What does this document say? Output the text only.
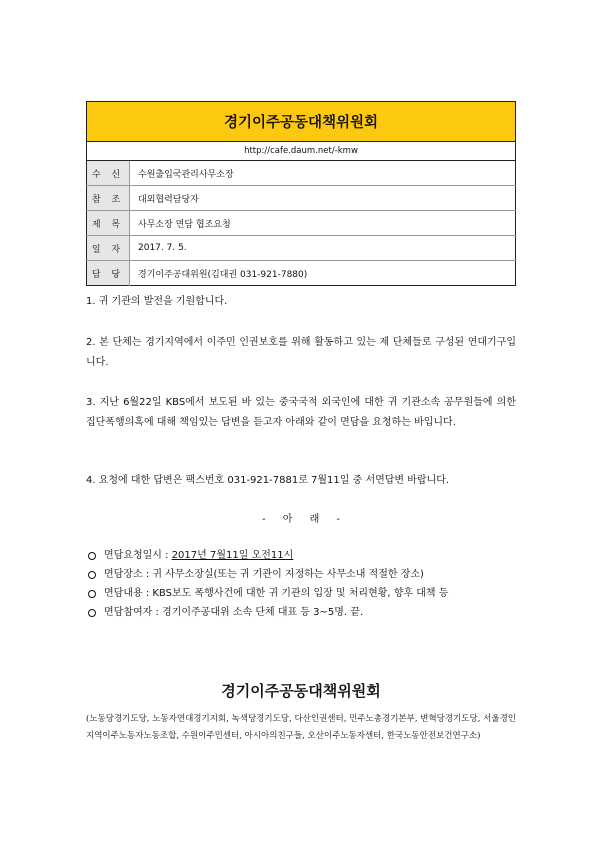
경기이주공동대책위원회	
http://cafe.daum.net/-kmw	
수 신	수원출입국관리사무소장
참 조	대외협력담당자
제 목	사무소장 면담 협조요청
일 자	2017. 7. 5.
담 당	경기이주공대위원(김대권 031-921-7880)

1. 귀 기관의 발전을 기원합니다.

2. 본 단체는 경기지역에서 이주민 인권보호를 위해 활동하고 있는 제 단체들로 구성된 연대기구입니다.

3. 지난 6월22일 KBS에서 보도된 바 있는 중국국적 외국인에 대한 귀 기관소속 공무원들에 의한 집단폭행의혹에 대해 책임있는 답변을 듣고자 아래와 같이 면담을 요청하는 바입니다.

4. 요청에 대한 답변은 팩스번호 031-921-7881로 7월11일 중 서면답변 바랍니다.

- 아 래 -
면담요청일시 : 2017년 7월11일 오전11시
면담장소 : 귀 사무소장실(또는 귀 기관이 지정하는 사무소내 적절한 장소)
면담내용 : KBS보도 폭행사건에 대한 귀 기관의 입장 및 처리현황, 향후 대책 등
면담참여자 : 경기이주공대위 소속 단체 대표 등 3~5명. 끝.
경기이주공동대책위원회

(노동당경기도당, 노동자연대경기지회, 녹색당경기도당, 다산인권센터, 민주노총경기본부, 변혁당경기도당, 서울경인지역이주노동자노동조합, 수원이주민센터, 아시아의친구들, 오산이주노동자센터, 한국노동안전보건연구소)
